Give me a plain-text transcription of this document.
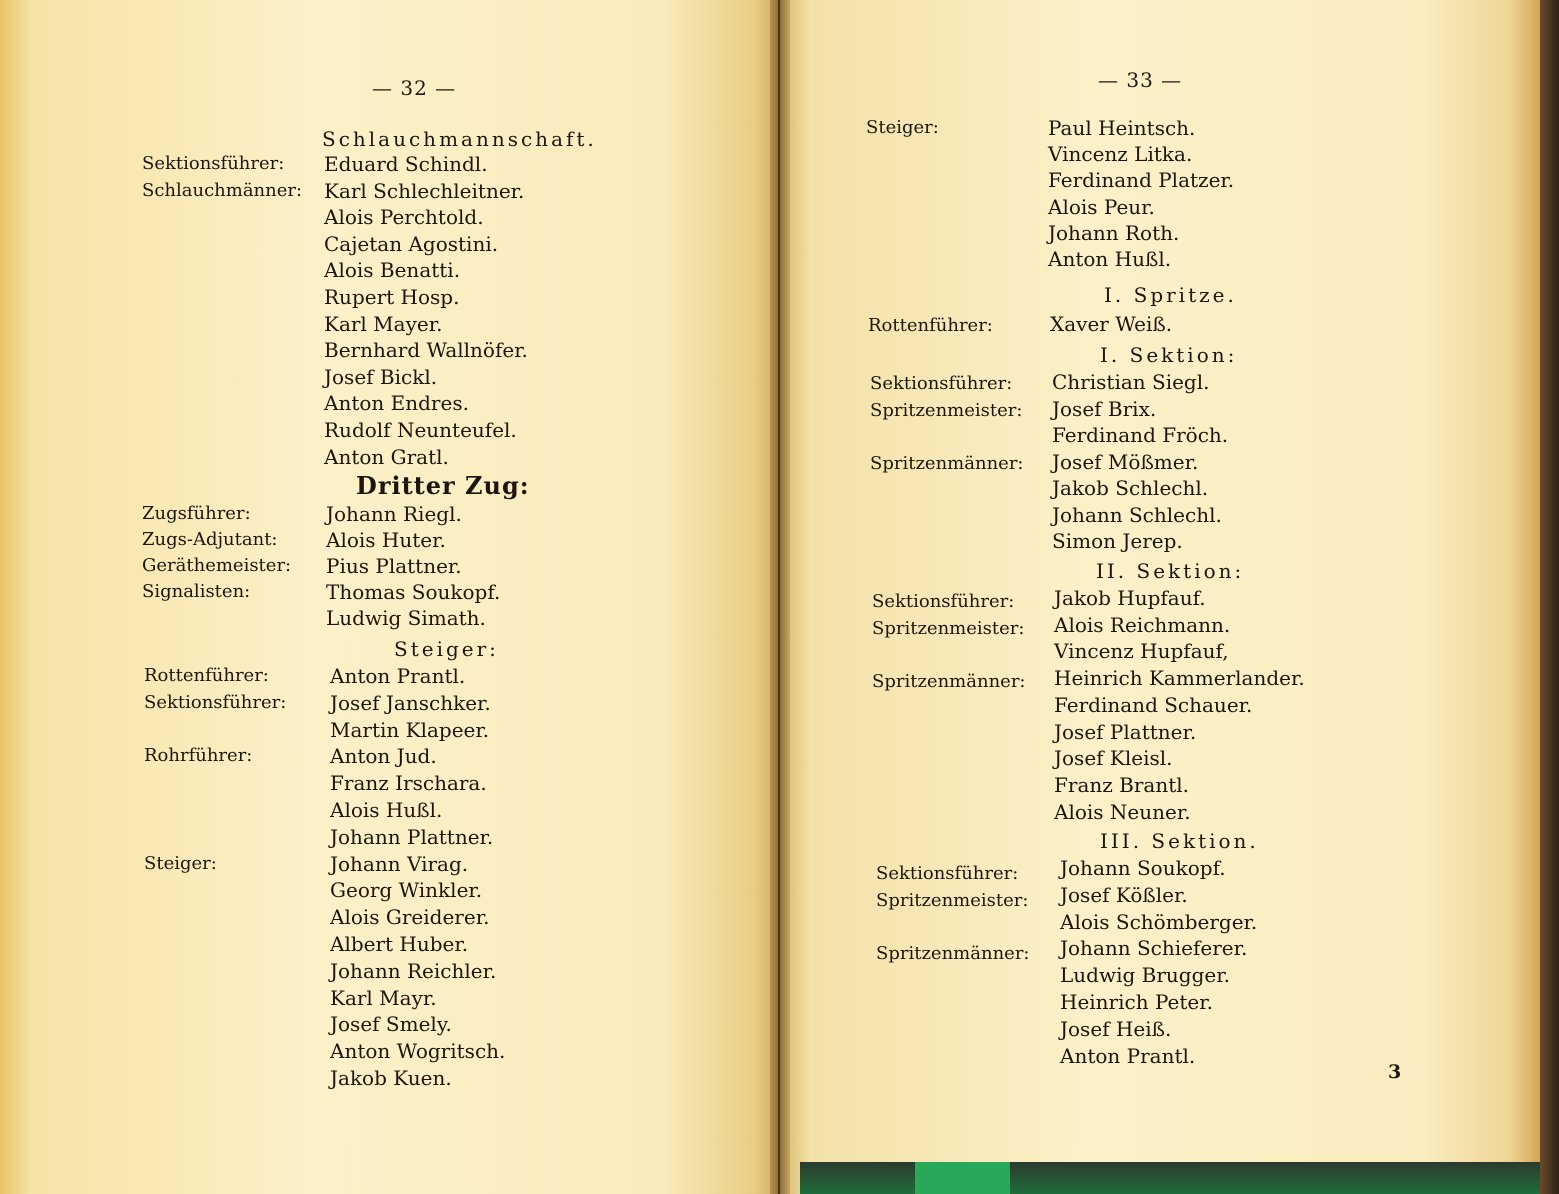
— 32 —
Schlauchmannschaft.
Sektionsführer: Eduard Schindl.
Schlauchmänner: Karl Schlechleitner.
Alois Perchtold.
Cajetan Agostini.
Alois Benatti.
Rupert Hosp.
Karl Mayer.
Bernhard Wallnöfer.
Josef Bickl.
Anton Endres.
Rudolf Neunteufel.
Anton Gratl.
Dritter Zug:
Zugsführer:	Johann Riegl.
Zugs-Adjutant: Alois Huter.
Geräthemeister: Pius Plattner.
Signalisten:	Thomas Soukopf.
Ludwig Simath.
Steiger:
Rottenführer:	Anton Prantl.
Sektionsführer: Josef Janschker.
Martin Klapeer.
Rohrführer:	Anton Jud.
Franz Irschara.
Alois Hußl.
Johann Plattner.
Steiger:	Johann Virag.
Georg Winkler.
Alois Greiderer.
Albert Huber.
Johann Reichler.
Karl Mayr.
Josef Smely.
Anton Wogritsch.
Jakob Kuen.
— 33 —
Steiger:	Paul Heintsch.
Vincenz Litka.
Ferdinand Platzer.
Alois Peur.
Johann Roth.
Anton Hußl.
I. Spritze.
Rottenführer:	Xaver Weiß.
I. Sektion:
Sektionsführer: Christian Siegl.
Spritzenmeister: Josef Brix.
Ferdinand Fröch.
Spritzenmänner: Josef Mößmer.
Jakob Schlechl.
Johann Schlechl.
Simon Jerep.
II. Sektion:
Sektionsführer: Jakob Hupfauf.
Spritzenmeister: Alois Reichmann.
Vincenz Hupfauf,
Spritzenmänner: Heinrich Kammerlander.
Ferdinand Schauer.
Josef Plattner.
Josef Kleisl.
Franz Brantl.
Alois Neuner.
III. Sektion.
Sektionsführer: Johann Soukopf.
Spritzenmeister: Josef Kößler.
Alois Schömberger.
Spritzenmänner: Johann Schieferer.
Ludwig Brugger.
Heinrich Peter.
Josef Heiß.
Anton Prantl.
3
